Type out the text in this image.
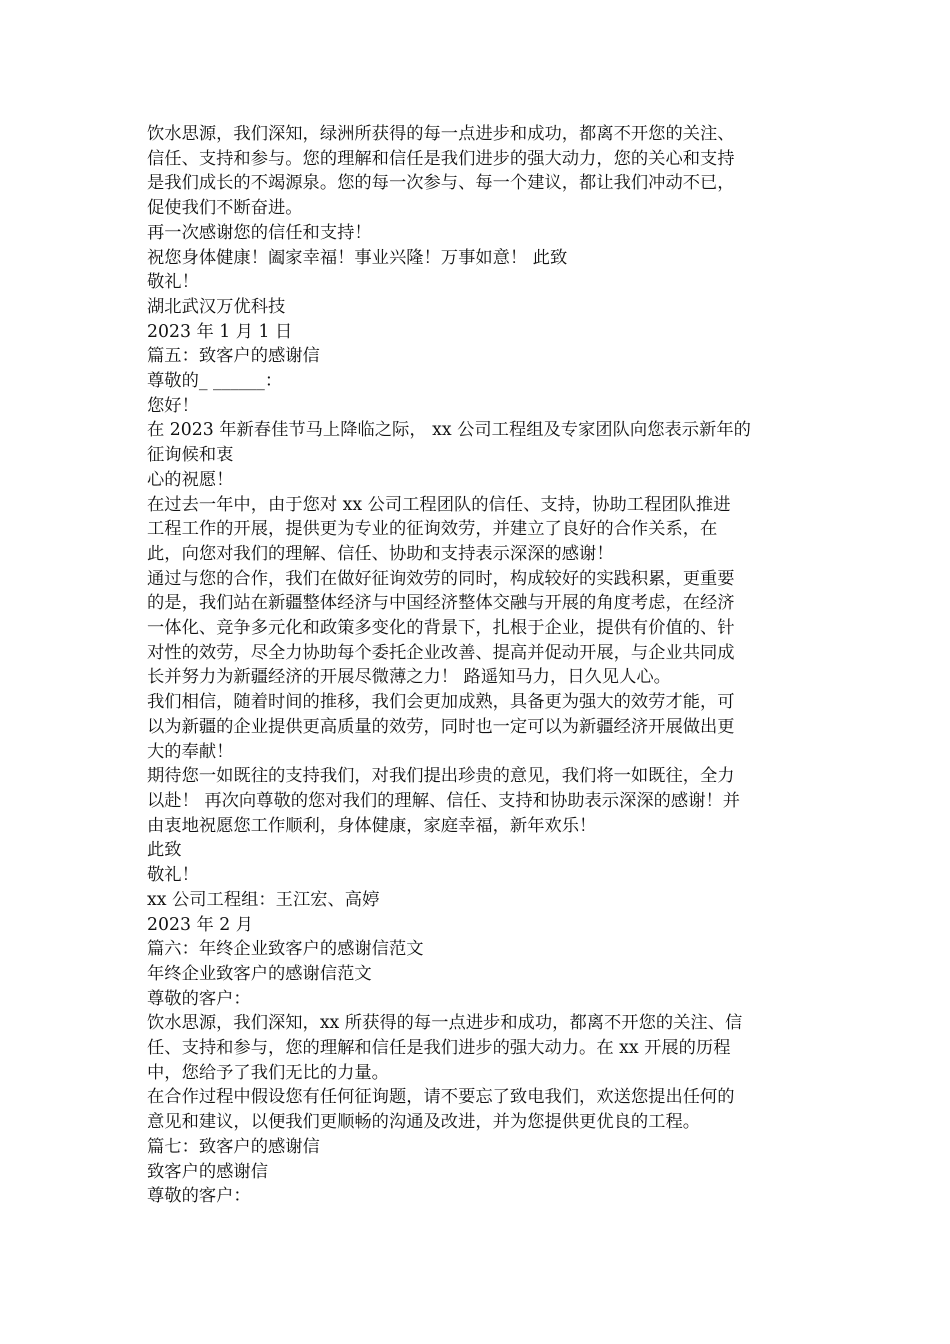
饮水思源，我们深知，绿洲所获得的每一点进步和成功，都离不开您的关注、
信任、支持和参与。您的理解和信任是我们进步的强大动力，您的关心和支持
是我们成长的不竭源泉。您的每一次参与、每一个建议，都让我们冲动不已，
促使我们不断奋进。
再一次感谢您的信任和支持！
祝您身体健康！阖家幸福！事业兴隆！万事如意！ 此致
敬礼！
湖北武汉万优科技
2023 年 1 月 1 日
篇五：致客户的感谢信
尊敬的_ ______：
您好！
在 2023 年新春佳节马上降临之际， xx 公司工程组及专家团队向您表示新年的
征询候和衷
心的祝愿！
在过去一年中，由于您对 xx 公司工程团队的信任、支持，协助工程团队推进
工程工作的开展，提供更为专业的征询效劳，并建立了良好的合作关系，在
此，向您对我们的理解、信任、协助和支持表示深深的感谢！
通过与您的合作，我们在做好征询效劳的同时，构成较好的实践积累，更重要
的是，我们站在新疆整体经济与中国经济整体交融与开展的角度考虑，在经济
一体化、竞争多元化和政策多变化的背景下，扎根于企业，提供有价值的、针
对性的效劳，尽全力协助每个委托企业改善、提高并促动开展，与企业共同成
长并努力为新疆经济的开展尽微薄之力！ 路遥知马力，日久见人心。
我们相信，随着时间的推移，我们会更加成熟，具备更为强大的效劳才能，可
以为新疆的企业提供更高质量的效劳，同时也一定可以为新疆经济开展做出更
大的奉献！
期待您一如既往的支持我们，对我们提出珍贵的意见，我们将一如既往，全力
以赴！ 再次向尊敬的您对我们的理解、信任、支持和协助表示深深的感谢！并
由衷地祝愿您工作顺利，身体健康，家庭幸福，新年欢乐！
此致
敬礼！
xx 公司工程组：王江宏、高婷
2023 年 2 月
篇六：年终企业致客户的感谢信范文
年终企业致客户的感谢信范文
尊敬的客户：
饮水思源，我们深知，xx 所获得的每一点进步和成功，都离不开您的关注、信
任、支持和参与，您的理解和信任是我们进步的强大动力。在 xx 开展的历程
中，您给予了我们无比的力量。
在合作过程中假设您有任何征询题，请不要忘了致电我们，欢送您提出任何的
意见和建议，以便我们更顺畅的沟通及改进，并为您提供更优良的工程。
篇七：致客户的感谢信
致客户的感谢信
尊敬的客户：
